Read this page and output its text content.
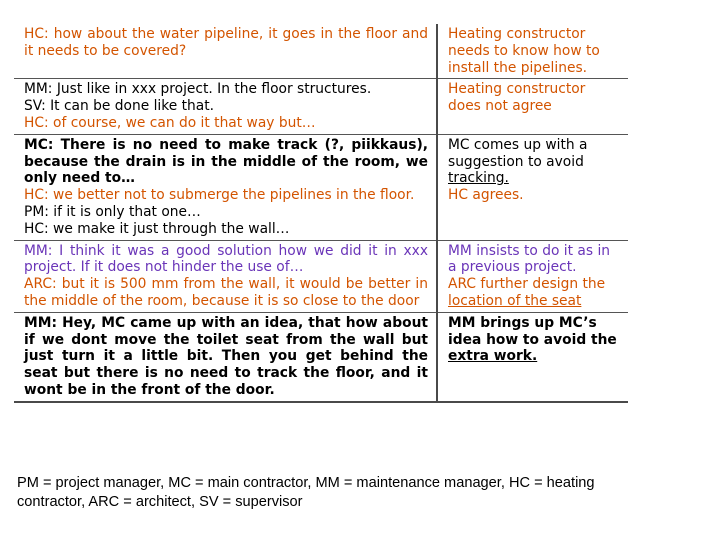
HC: how about the water pipeline, it goes in the floor and it needs to be covered?	Heating constructor needs to know how to install the pipelines.

MM: Just like in xxx project. In the floor structures.
SV: It can be done like that.
HC: of course, we can do it that way but…	Heating constructor does not agree

MC: There is no need to make track (?, piikkaus), because the drain is in the middle of the room, we only need to…
HC: we better not to submerge the pipelines in the floor.
PM: if it is only that one…
HC: we make it just through the wall…	MC comes up with a suggestion to avoid tracking.
HC agrees.

MM: I think it was a good solution how we did it in xxx project. If it does not hinder the use of…
ARC: but it is 500 mm from the wall, it would be better in the middle of the room, because it is so close to the door	MM insists to do it as in a previous project.
ARC further design the location of the seat

MM: Hey, MC came up with an idea, that how about if we dont move the toilet seat from the wall but just turn it a little bit. Then you get behind the seat but there is no need to track the floor, and it wont be in the front of the door.	MM brings up MC’s idea how to avoid the extra work.
PM = project manager, MC = main contractor, MM = maintenance manager, HC = heating contractor, ARC = architect, SV = supervisor
